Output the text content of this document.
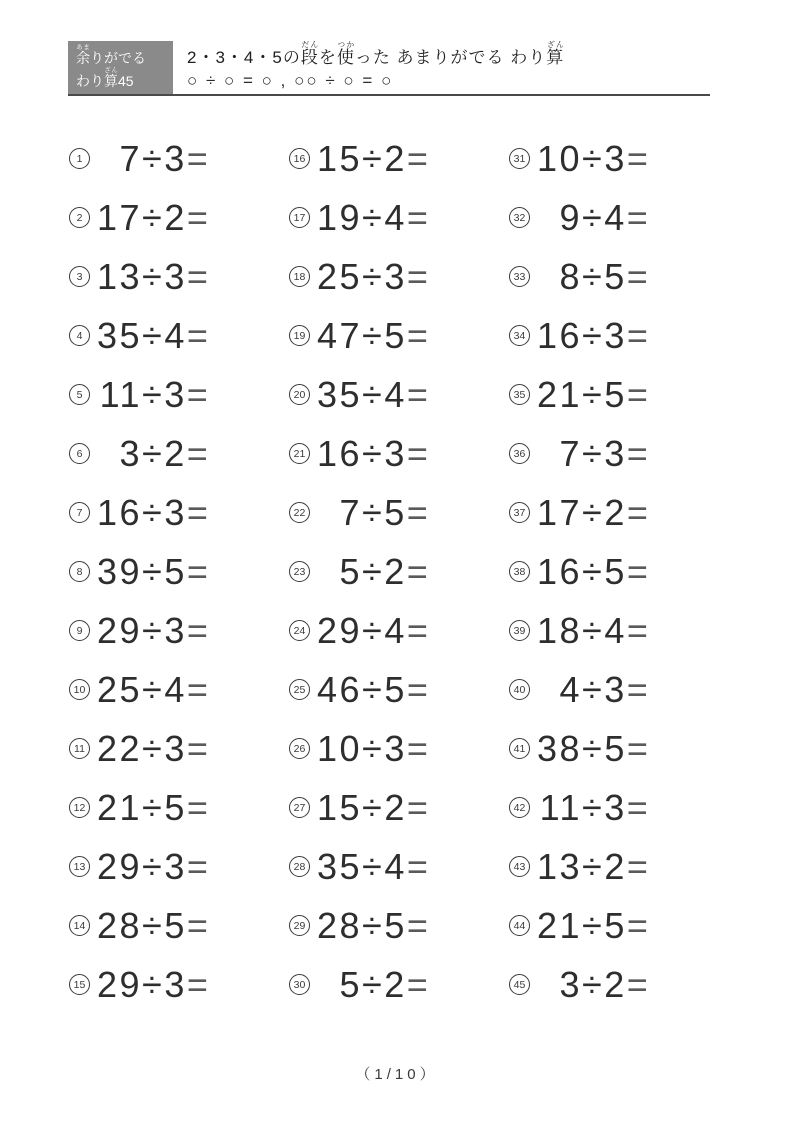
余あまりがでる
わり算ざん45
2・3・4・5の段だんを使つかった あまりがでる わり算ざん
○ ÷ ○ = ○ , ○○ ÷ ○ = ○
1	7 ÷ 3 =
2 17 ÷ 2 =
3 13 ÷ 3 =
4 35 ÷ 4 =
5 11 ÷ 3 =
6	3 ÷ 2 =
7 16 ÷ 3 =
8 39 ÷ 5 =
9 29 ÷ 3 =
10 25 ÷ 4 =
11 22 ÷ 3 =
12 21 ÷ 5 =
13 29 ÷ 3 =
14 28 ÷ 5 =
15 29 ÷ 3 =
16 15 ÷ 2 =
17 19 ÷ 4 =
18 25 ÷ 3 =
19 47 ÷ 5 =
20 35 ÷ 4 =
21 16 ÷ 3 =
22 7 ÷ 5 =
23 5 ÷ 2 =
24 29 ÷ 4 =
25 46 ÷ 5 =
26 10 ÷ 3 =
27 15 ÷ 2 =
28 35 ÷ 4 =
29 28 ÷ 5 =
30 5 ÷ 2 =
31 10 ÷ 3 =
32 9 ÷ 4 =
33 8 ÷ 5 =
34 16 ÷ 3 =
35 21 ÷ 5 =
36 7 ÷ 3 =
37 17 ÷ 2 =
38 16 ÷ 5 =
39 18 ÷ 4 =
40 4 ÷ 3 =
41 38 ÷ 5 =
42 11 ÷ 3 =
43 13 ÷ 2 =
44 21 ÷ 5 =
45 3 ÷ 2 =
（1/10）
